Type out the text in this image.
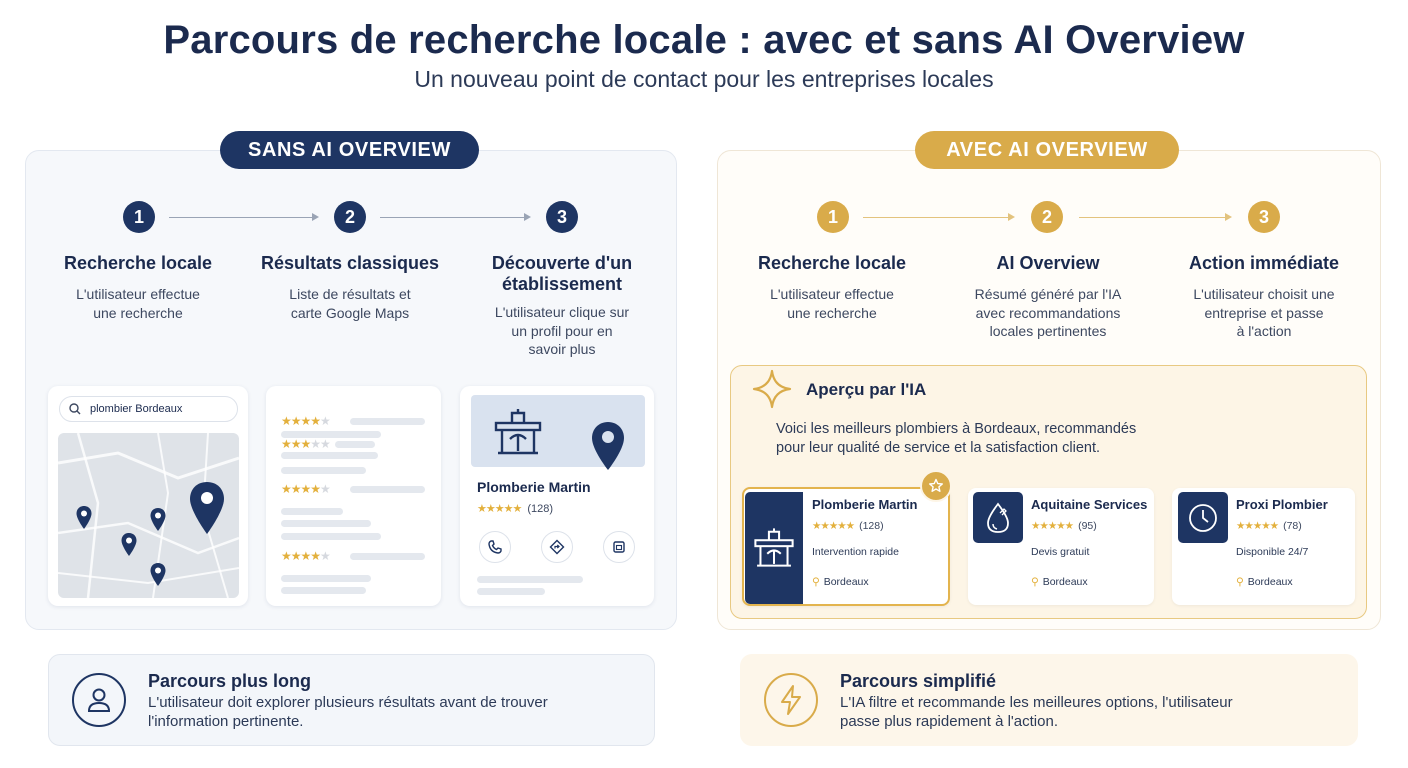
Parcours de recherche locale : avec et sans AI Overview
Un nouveau point de contact pour les entreprises locales
SANS AI OVERVIEW
1	2	3
Recherche locale
L'utilisateur effectue
une recherche
Résultats classiques
Liste de résultats et
carte Google Maps
Découverte d'un
établissement
L'utilisateur clique sur
un profil pour en
savoir plus
plombier Bordeaux
★★★★★
★★★★★
★★★★★
★★★★★
Plomberie Martin
★★★★★ (128)
AVEC AI OVERVIEW
1	2	3
Recherche locale
L'utilisateur effectue
une recherche
AI Overview
Résumé généré par l'IA
avec recommandations
locales pertinentes
Action immédiate
L'utilisateur choisit une
entreprise et passe
à l'action
Aperçu par l'IA
Voici les meilleurs plombiers à Bordeaux, recommandés
pour leur qualité de service et la satisfaction client.
Plomberie Martin
★★★★★ (128)
Intervention rapide
⚲ Bordeaux
Aquitaine Services
★★★★★ (95)
Devis gratuit
⚲ Bordeaux
Proxi Plombier
★★★★★ (78)
Disponible 24/7
⚲ Bordeaux
Parcours plus long
L'utilisateur doit explorer plusieurs résultats avant de trouver
l'information pertinente.
Parcours simplifié
L'IA filtre et recommande les meilleures options, l'utilisateur
passe plus rapidement à l'action.
